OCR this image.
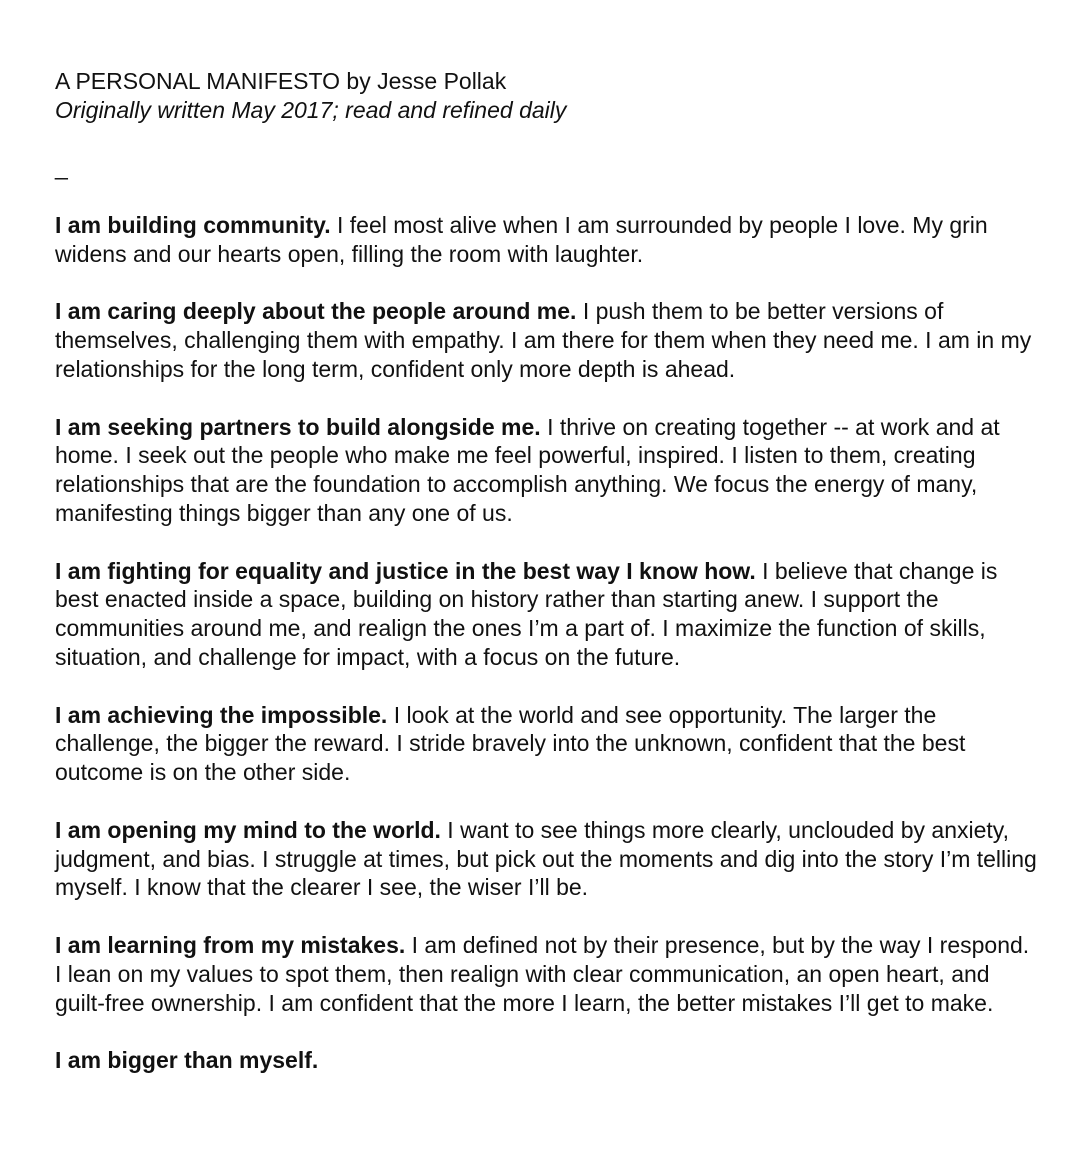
A PERSONAL MANIFESTO by Jesse Pollak
Originally written May 2017; read and refined daily
_

I am building community. I feel most alive when I am surrounded by people I love. My grin widens and our hearts open, filling the room with laughter.

I am caring deeply about the people around me. I push them to be better versions of themselves, challenging them with empathy. I am there for them when they need me. I am in my relationships for the long term, confident only more depth is ahead.

I am seeking partners to build alongside me. I thrive on creating together -- at work and at home. I seek out the people who make me feel powerful, inspired. I listen to them, creating relationships that are the foundation to accomplish anything. We focus the energy of many, manifesting things bigger than any one of us.

I am fighting for equality and justice in the best way I know how. I believe that change is best enacted inside a space, building on history rather than starting anew. I support the communities around me, and realign the ones I’m a part of. I maximize the function of skills, situation, and challenge for impact, with a focus on the future.

I am achieving the impossible. I look at the world and see opportunity. The larger the challenge, the bigger the reward. I stride bravely into the unknown, confident that the best outcome is on the other side.

I am opening my mind to the world. I want to see things more clearly, unclouded by anxiety, judgment, and bias. I struggle at times, but pick out the moments and dig into the story I’m telling myself. I know that the clearer I see, the wiser I’ll be.

I am learning from my mistakes. I am defined not by their presence, but by the way I respond. I lean on my values to spot them, then realign with clear communication, an open heart, and guilt-free ownership. I am confident that the more I learn, the better mistakes I’ll get to make.

I am bigger than myself.
